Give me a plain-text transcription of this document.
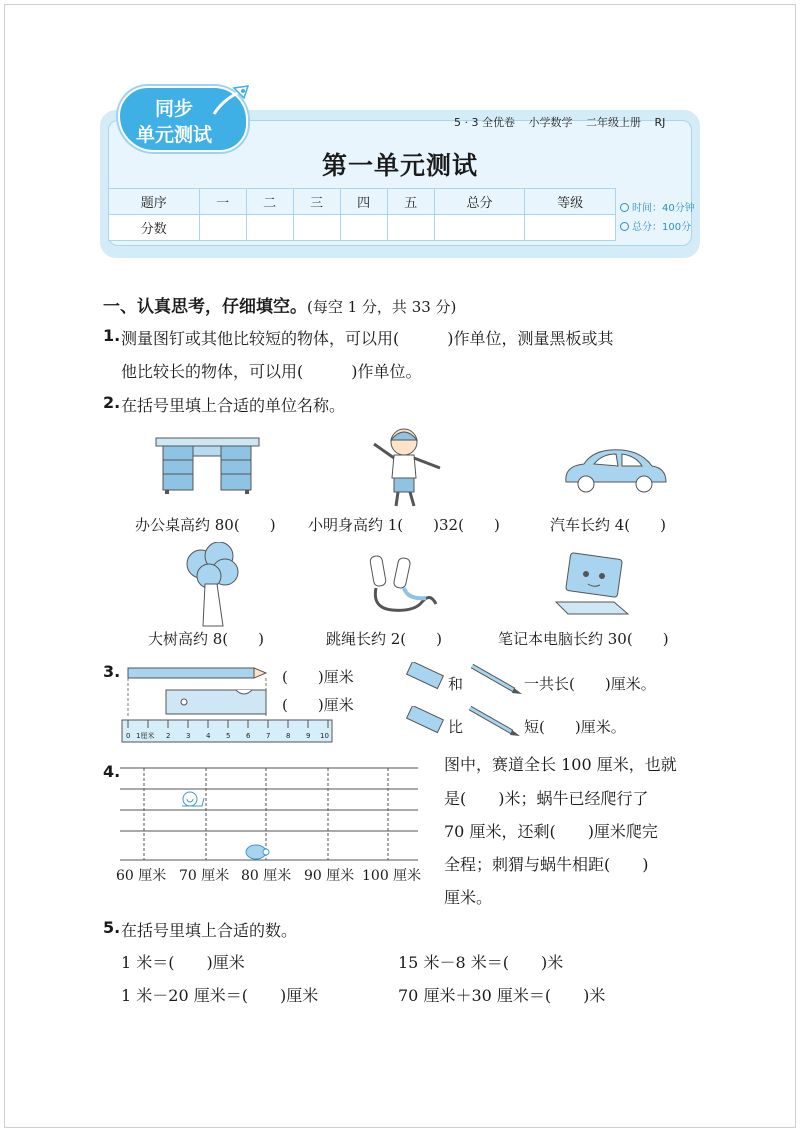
同步
单元测试
5 · 3 全优卷 小学数学 二年级上册 RJ
第一单元测试
题序	一	二	三	四	五	总分	等级
分数							
时间：40分钟
总分：100分
一、认真思考，仔细填空。(每空 1 分，共 33 分)
1. 测量图钉或其他比较短的物体，可以用(　　　)作单位，测量黑板或其
他比较长的物体，可以用(　　　)作单位。
2. 在括号里填上合适的单位名称。
办公桌高约 80(　　) 小明身高约 1(　　)32(　　)	汽车长约 4(　　)
大树高约 8(　　)	跳绳长约 2(　　)	笔记本电脑长约 30(　　)
3.
0 1厘米 2 3 4 5 6 7 8 9 10
(　　)厘米
(　　)厘米
和	一共长(　　)厘米。
比	短(　　)厘米。
4.
60 厘米 70 厘米 80 厘米 90 厘米 100 厘米
图中，赛道全长 100 厘米，也就
是(　　)米；蜗牛已经爬行了
70 厘米，还剩(　　)厘米爬完
全程；刺猬与蜗牛相距(　　)
厘米。
5. 在括号里填上合适的数。
1 米＝(　　)厘米	15 米－8 米＝(　　)米
1 米－20 厘米＝(　　)厘米	70 厘米＋30 厘米＝(　　)米
